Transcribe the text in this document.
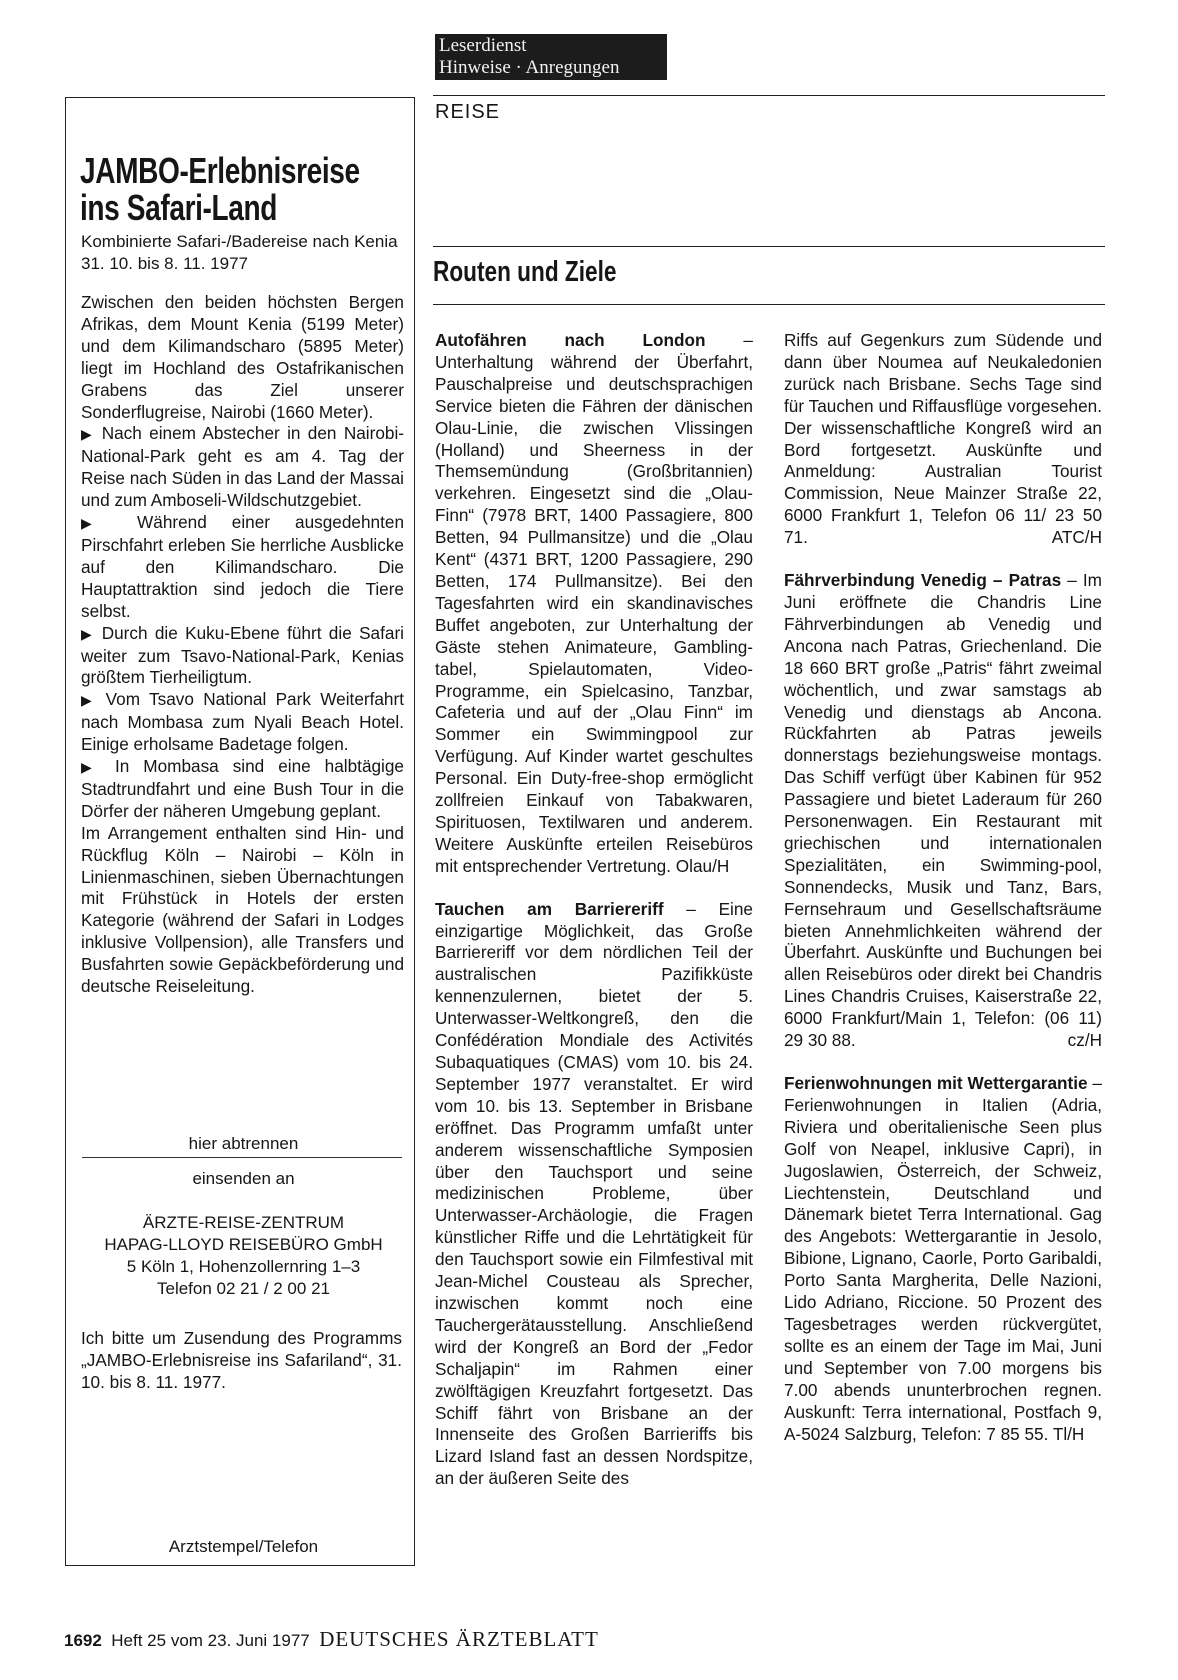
Leserdienst
Hinweise · Anregungen
REISE
JAMBO-Erlebnisreise
ins Safari-Land
Kombinierte Safari-/Badereise nach Kenia 31. 10. bis 8. 11. 1977

Zwischen den beiden höchsten Bergen Afrikas, dem Mount Kenia (5199 Meter) und dem Kilimandscharo (5895 Meter) liegt im Hochland des Ostafrikanischen Grabens das Ziel unserer Sonderflugreise, Nairobi (1660 Meter).

▶ Nach einem Abstecher in den Nairobi-National-Park geht es am 4. Tag der Reise nach Süden in das Land der Massai und zum Amboseli-Wildschutzgebiet.

▶ Während einer ausgedehnten Pirschfahrt erleben Sie herrliche Ausblicke auf den Kilimandscharo. Die Hauptattraktion sind jedoch die Tiere selbst.

▶ Durch die Kuku-Ebene führt die Safari weiter zum Tsavo-National-Park, Kenias größtem Tierheiligtum.

▶ Vom Tsavo National Park Weiterfahrt nach Mombasa zum Nyali Beach Hotel. Einige erholsame Badetage folgen.

▶ In Mombasa sind eine halbtägige Stadtrundfahrt und eine Bush Tour in die Dörfer der näheren Umgebung geplant.

Im Arrangement enthalten sind Hin- und Rückflug Köln – Nairobi – Köln in Linienmaschinen, sieben Übernachtungen mit Frühstück in Hotels der ersten Kategorie (während der Safari in Lodges inklusive Vollpension), alle Transfers und Busfahrten sowie Gepäckbeförderung und deutsche Reiseleitung.

hier abtrennen
einsenden an
ÄRZTE-REISE-ZENTRUM
HAPAG-LLOYD REISEBÜRO GmbH
5 Köln 1, Hohenzollernring 1–3
Telefon 02 21 / 2 00 21
Ich bitte um Zusendung des Programms „JAMBO-Erlebnisreise ins Safariland“, 31. 10. bis 8. 11. 1977.
Arztstempel/Telefon
Routen und Ziele

Autofähren nach London – Unterhaltung während der Überfahrt, Pauschalpreise und deutschsprachigen Service bieten die Fähren der dänischen Olau-Linie, die zwischen Vlissingen (Holland) und Sheerness in der Themsemündung (Großbritannien) verkehren. Eingesetzt sind die „Olau-Finn“ (7978 BRT, 1400 Passagiere, 800 Betten, 94 Pullmansitze) und die „Olau Kent“ (4371 BRT, 1200 Passagiere, 290 Betten, 174 Pullmansitze). Bei den Tagesfahrten wird ein skandinavisches Buffet angeboten, zur Unterhaltung der Gäste stehen Animateure, Gambling-tabel, Spielautomaten, Video-Programme, ein Spielcasino, Tanzbar, Cafeteria und auf der „Olau Finn“ im Sommer ein Swimmingpool zur Verfügung. Auf Kinder wartet geschultes Personal. Ein Duty-free-shop ermöglicht zollfreien Einkauf von Tabakwaren, Spirituosen, Textilwaren und anderem. Weitere Auskünfte erteilen Reisebüros mit entsprechender Vertretung. Olau/H

Tauchen am Barriereriff – Eine einzigartige Möglichkeit, das Große Barriereriff vor dem nördlichen Teil der australischen Pazifikküste kennenzulernen, bietet der 5. Unterwasser-Weltkongreß, den die Confédération Mondiale des Activités Subaquatiques (CMAS) vom 10. bis 24. September 1977 veranstaltet. Er wird vom 10. bis 13. September in Brisbane eröffnet. Das Programm umfaßt unter anderem wissenschaftliche Symposien über den Tauchsport und seine medizinischen Probleme, über Unterwasser-Archäologie, die Fragen künstlicher Riffe und die Lehrtätigkeit für den Tauchsport sowie ein Filmfestival mit Jean-Michel Cousteau als Sprecher, inzwischen kommt noch eine Tauchergerätausstellung. Anschließend wird der Kongreß an Bord der „Fedor Schaljapin“ im Rahmen einer zwölftägigen Kreuzfahrt fortgesetzt. Das Schiff fährt von Brisbane an der Innenseite des Großen Barrieriffs bis Lizard Island fast an dessen Nordspitze, an der äußeren Seite des

Riffs auf Gegenkurs zum Südende und dann über Noumea auf Neukaledonien zurück nach Brisbane. Sechs Tage sind für Tauchen und Riffausflüge vorgesehen. Der wissenschaftliche Kongreß wird an Bord fortgesetzt. Auskünfte und Anmeldung: Australian Tourist Commission, Neue Mainzer Straße 22, 6000 Frankfurt 1, Telefon 06 11/ 23 50 71.	ATC/H

Fährverbindung Venedig – Patras – Im Juni eröffnete die Chandris Line Fährverbindungen ab Venedig und Ancona nach Patras, Griechenland. Die 18 660 BRT große „Patris“ fährt zweimal wöchentlich, und zwar samstags ab Venedig und dienstags ab Ancona. Rückfahrten ab Patras jeweils donnerstags beziehungsweise montags. Das Schiff verfügt über Kabinen für 952 Passagiere und bietet Laderaum für 260 Personenwagen. Ein Restaurant mit griechischen und internationalen Spezialitäten, ein Swimming-pool, Sonnendecks, Musik und Tanz, Bars, Fernsehraum und Gesellschaftsräume bieten Annehmlichkeiten während der Überfahrt. Auskünfte und Buchungen bei allen Reisebüros oder direkt bei Chandris Lines Chandris Cruises, Kaiserstraße 22, 6000 Frankfurt/Main 1, Telefon: (06 11) 29 30 88.	cz/H

Ferienwohnungen mit Wettergarantie – Ferienwohnungen in Italien (Adria, Riviera und oberitalienische Seen plus Golf von Neapel, inklusive Capri), in Jugoslawien, Österreich, der Schweiz, Liechtenstein, Deutschland und Dänemark bietet Terra International. Gag des Angebots: Wettergarantie in Jesolo, Bibione, Lignano, Caorle, Porto Garibaldi, Porto Santa Margherita, Delle Nazioni, Lido Adriano, Riccione. 50 Prozent des Tagesbetrages werden rückvergütet, sollte es an einem der Tage im Mai, Juni und September von 7.00 morgens bis 7.00 abends ununterbrochen regnen. Auskunft: Terra international, Postfach 9, A-5024 Salzburg, Telefon: 7 85 55. Tl/H

1692 Heft 25 vom 23. Juni 1977 DEUTSCHES ÄRZTEBLATT
